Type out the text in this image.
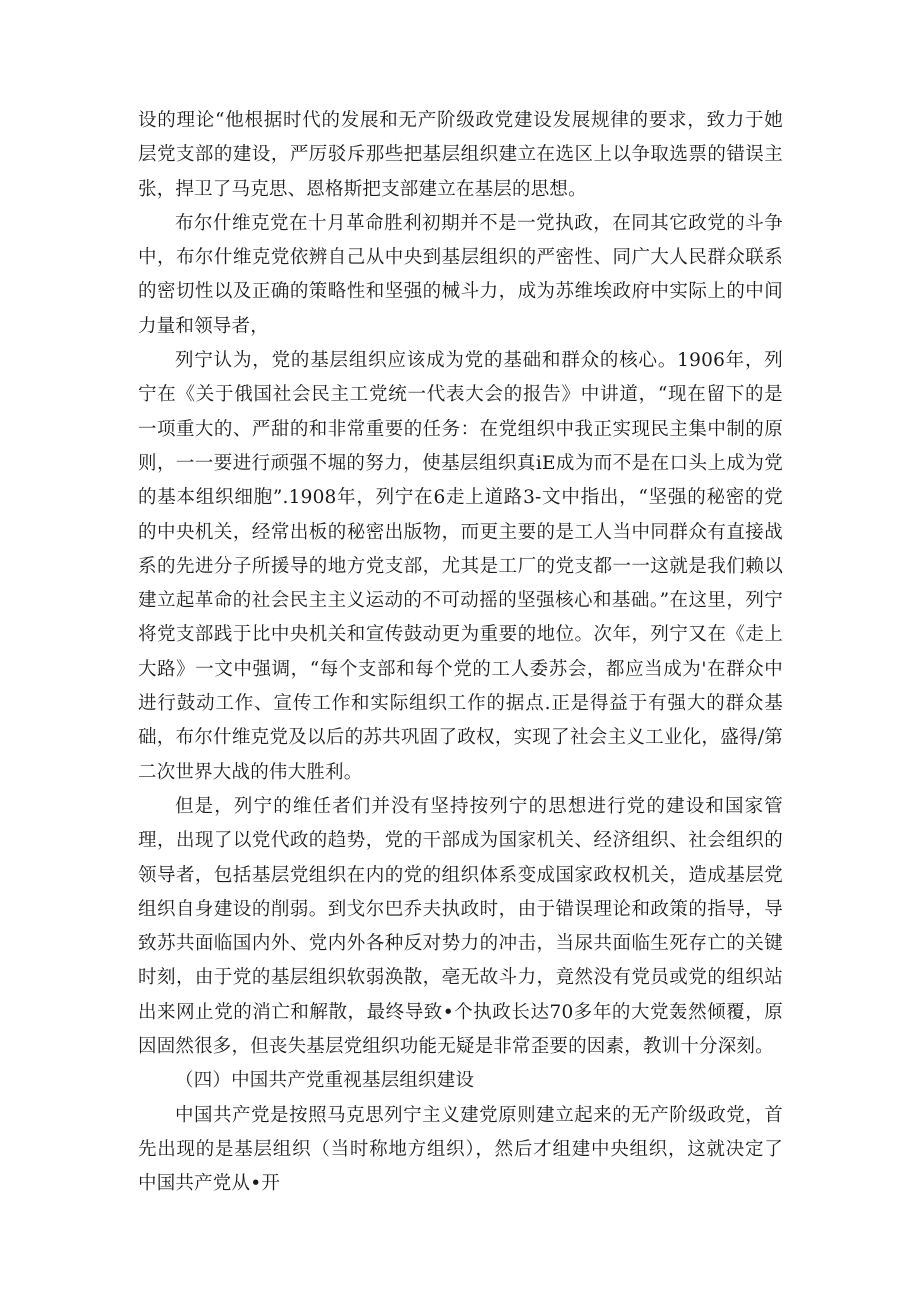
设的理论“他根据时代的发展和无产阶级政党建设发展规律的要求，致力于她层党支部的建设，严厉驳斥那些把基层组织建立在选区上以争取选票的错误主张，捍卫了马克思、恩格斯把支部建立在基层的思想。

布尔什维克党在十月革命胜利初期并不是一党执政，在同其它政党的斗争中，布尔什维克党依辨自己从中央到基层组织的严密性、同广大人民群众联系的密切性以及正确的策略性和坚强的械斗力，成为苏维埃政府中实际上的中间力量和领导者，

列宁认为，党的基层组织应该成为党的基础和群众的核心。1906年，列宁在《关于俄国社会民主工党统一代表大会的报告》中讲道，“现在留下的是一项重大的、严甜的和非常重要的任务：在党组织中我正实现民主集中制的原则，一一要进行顽强不堀的努力，使基层组织真iE成为而不是在口头上成为党的基本组织细胞”.1908年，列宁在6走上道路3-文中指出，“坚强的秘密的党的中央机关，经常出板的秘密出版物，而更主要的是工人当中同群众有直接战系的先进分子所援导的地方党支部，尤其是工厂的党支都一一这就是我们赖以建立起革命的社会民主主义运动的不可动摇的坚强核心和基础。”在这里，列宁将党支部践于比中央机关和宣传鼓动更为重要的地位。次年，列宁又在《走上大路》一文中强调，“每个支部和每个党的工人委苏会，都应当成为'在群众中进行鼓动工作、宣传工作和实际组织工作的据点.正是得益于有强大的群众基础，布尔什维克党及以后的苏共巩固了政权，实现了社会主义工业化，盛得/第二次世界大战的伟大胜利。

但是，列宁的维任者们并没有坚持按列宁的思想进行党的建设和国家管理，出现了以党代政的趋势，党的干部成为国家机关、经济组织、社会组织的领导者，包括基层党组织在内的党的组织体系变成国家政权机关，造成基层党组织自身建设的削弱。到戈尔巴乔夫执政时，由于错误理论和政策的指导，导致苏共面临国内外、党内外各种反对势力的冲击，当尿共面临生死存亡的关键时刻，由于党的基层组织软弱涣散，亳无故斗力，竟然没有党员或党的组织站出来网止党的消亡和解散，最终导致•个执政长达70多年的大党轰然倾覆，原因固然很多，但丧失基层党组织功能无疑是非常歪要的因素，教训十分深刻。

（四）中国共产党重视基层组织建设

中国共产党是按照马克思列宁主义建党原则建立起来的无产阶级政党，首先出现的是基层组织（当时称地方组织），然后才组建中央组织，这就决定了中国共产党从•开
